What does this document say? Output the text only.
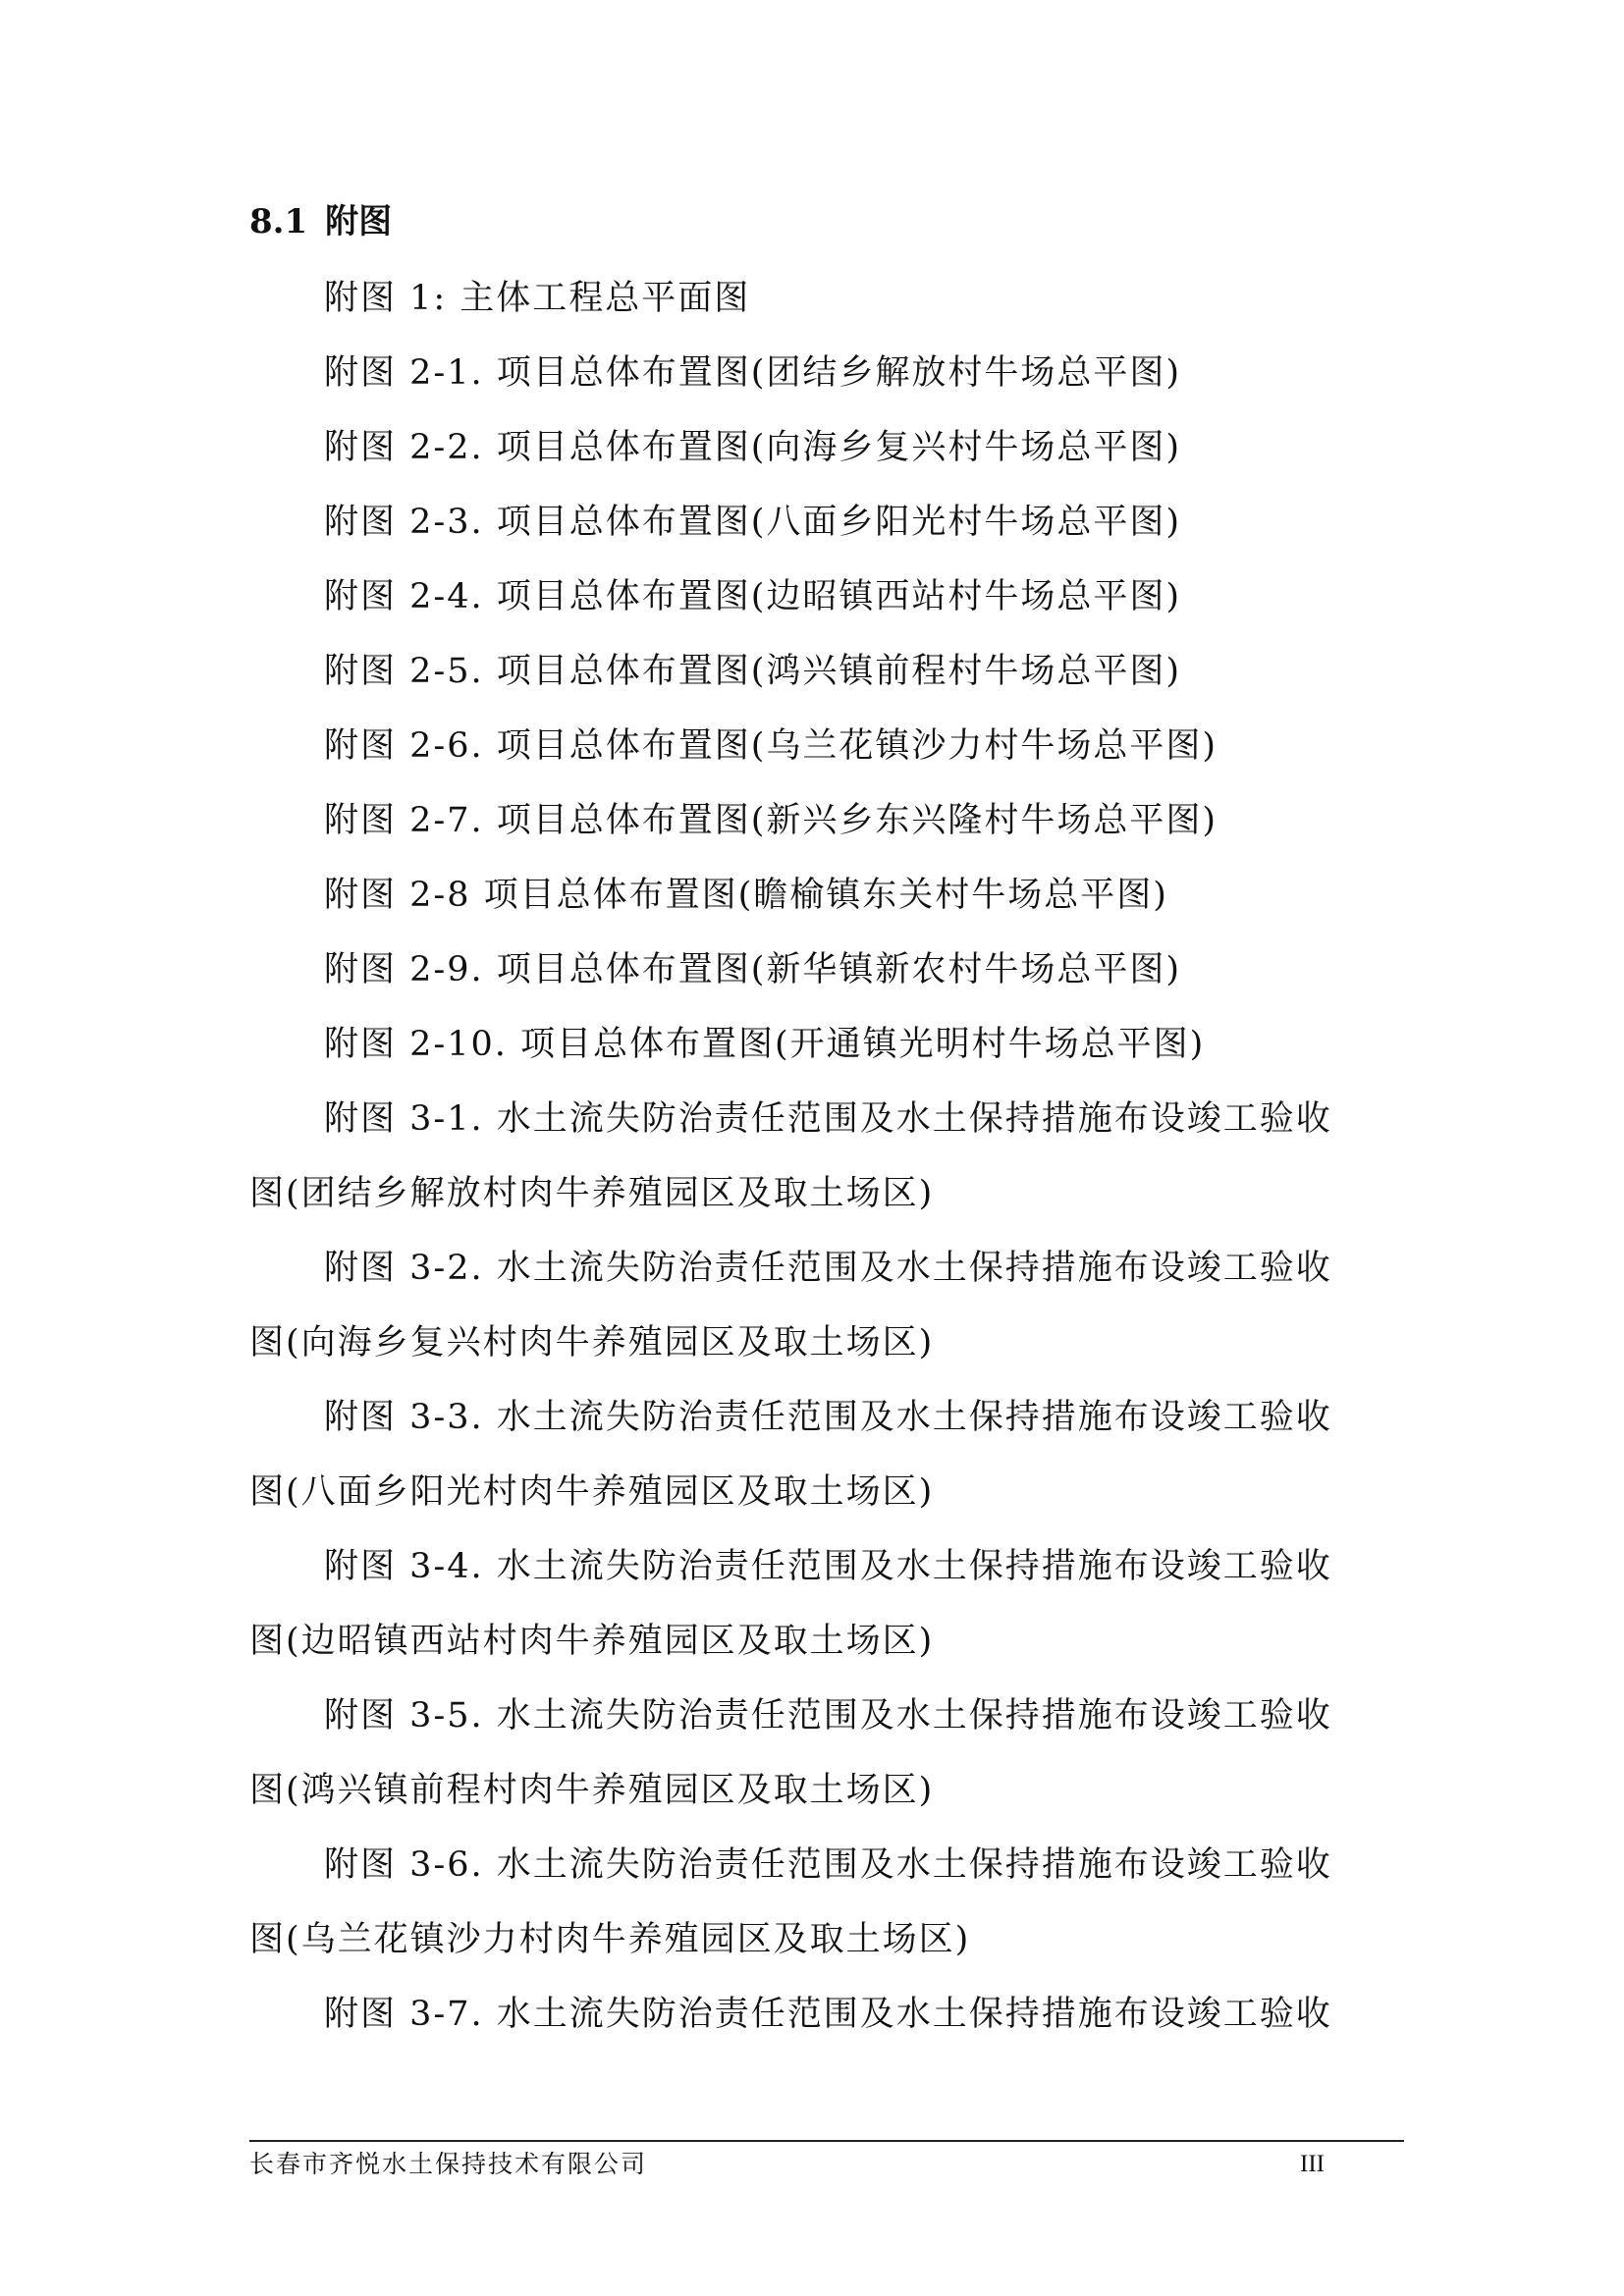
8.1 附图
附图 1: 主体工程总平面图
附图 2-1. 项目总体布置图(团结乡解放村牛场总平图)
附图 2-2. 项目总体布置图(向海乡复兴村牛场总平图)
附图 2-3. 项目总体布置图(八面乡阳光村牛场总平图)
附图 2-4. 项目总体布置图(边昭镇西站村牛场总平图)
附图 2-5. 项目总体布置图(鸿兴镇前程村牛场总平图)
附图 2-6. 项目总体布置图(乌兰花镇沙力村牛场总平图)
附图 2-7. 项目总体布置图(新兴乡东兴隆村牛场总平图)
附图 2-8 项目总体布置图(瞻榆镇东关村牛场总平图)
附图 2-9. 项目总体布置图(新华镇新农村牛场总平图)
附图 2-10. 项目总体布置图(开通镇光明村牛场总平图)
附图 3-1. 水土流失防治责任范围及水土保持措施布设竣工验收
图(团结乡解放村肉牛养殖园区及取土场区)
附图 3-2. 水土流失防治责任范围及水土保持措施布设竣工验收
图(向海乡复兴村肉牛养殖园区及取土场区)
附图 3-3. 水土流失防治责任范围及水土保持措施布设竣工验收
图(八面乡阳光村肉牛养殖园区及取土场区)
附图 3-4. 水土流失防治责任范围及水土保持措施布设竣工验收
图(边昭镇西站村肉牛养殖园区及取土场区)
附图 3-5. 水土流失防治责任范围及水土保持措施布设竣工验收
图(鸿兴镇前程村肉牛养殖园区及取土场区)
附图 3-6. 水土流失防治责任范围及水土保持措施布设竣工验收
图(乌兰花镇沙力村肉牛养殖园区及取土场区)
附图 3-7. 水土流失防治责任范围及水土保持措施布设竣工验收
长春市齐悦水土保持技术有限公司	III
